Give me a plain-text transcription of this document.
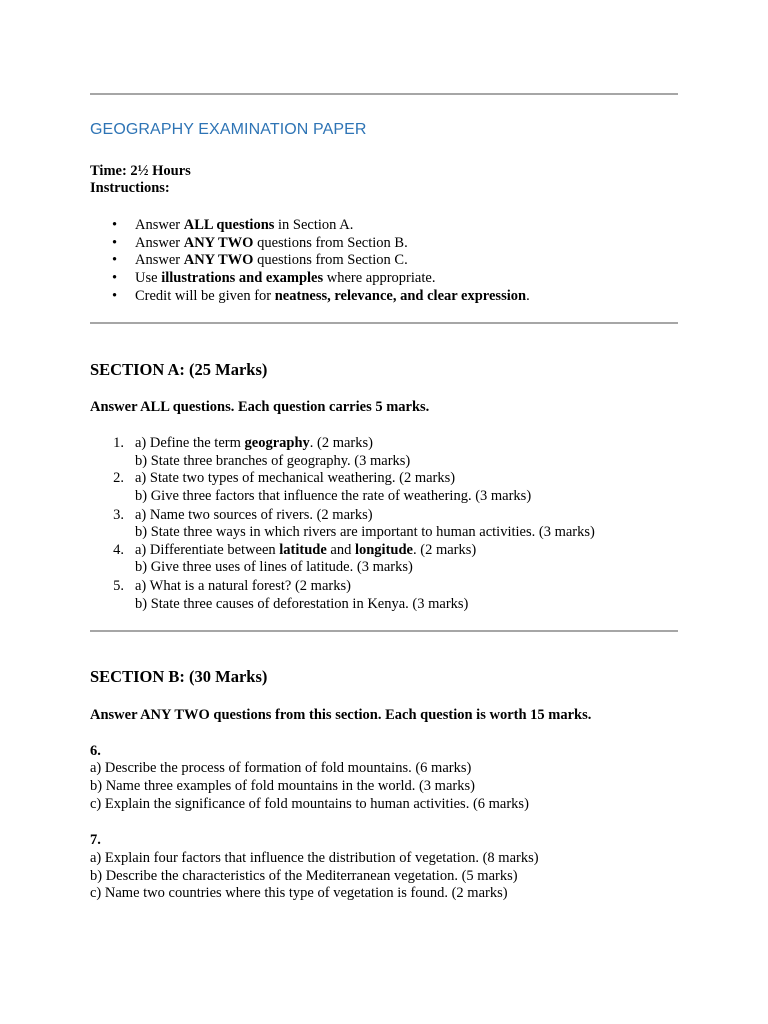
GEOGRAPHY EXAMINATION PAPER
Time: 2½ Hours
Instructions:
• Answer ALL questions in Section A.
• Answer ANY TWO questions from Section B.
• Answer ANY TWO questions from Section C.
• Use illustrations and examples where appropriate.
• Credit will be given for neatness, relevance, and clear expression.
SECTION A: (25 Marks)
Answer ALL questions. Each question carries 5 marks.
1. a) Define the term geography. (2 marks)
b) State three branches of geography. (3 marks)
2. a) State two types of mechanical weathering. (2 marks)
b) Give three factors that influence the rate of weathering. (3 marks)
3. a) Name two sources of rivers. (2 marks)
b) State three ways in which rivers are important to human activities. (3 marks)
4. a) Differentiate between latitude and longitude. (2 marks)
b) Give three uses of lines of latitude. (3 marks)
5. a) What is a natural forest? (2 marks)
b) State three causes of deforestation in Kenya. (3 marks)
SECTION B: (30 Marks)
Answer ANY TWO questions from this section. Each question is worth 15 marks.
6.
a) Describe the process of formation of fold mountains. (6 marks)
b) Name three examples of fold mountains in the world. (3 marks)
c) Explain the significance of fold mountains to human activities. (6 marks)
7.
a) Explain four factors that influence the distribution of vegetation. (8 marks)
b) Describe the characteristics of the Mediterranean vegetation. (5 marks)
c) Name two countries where this type of vegetation is found. (2 marks)
